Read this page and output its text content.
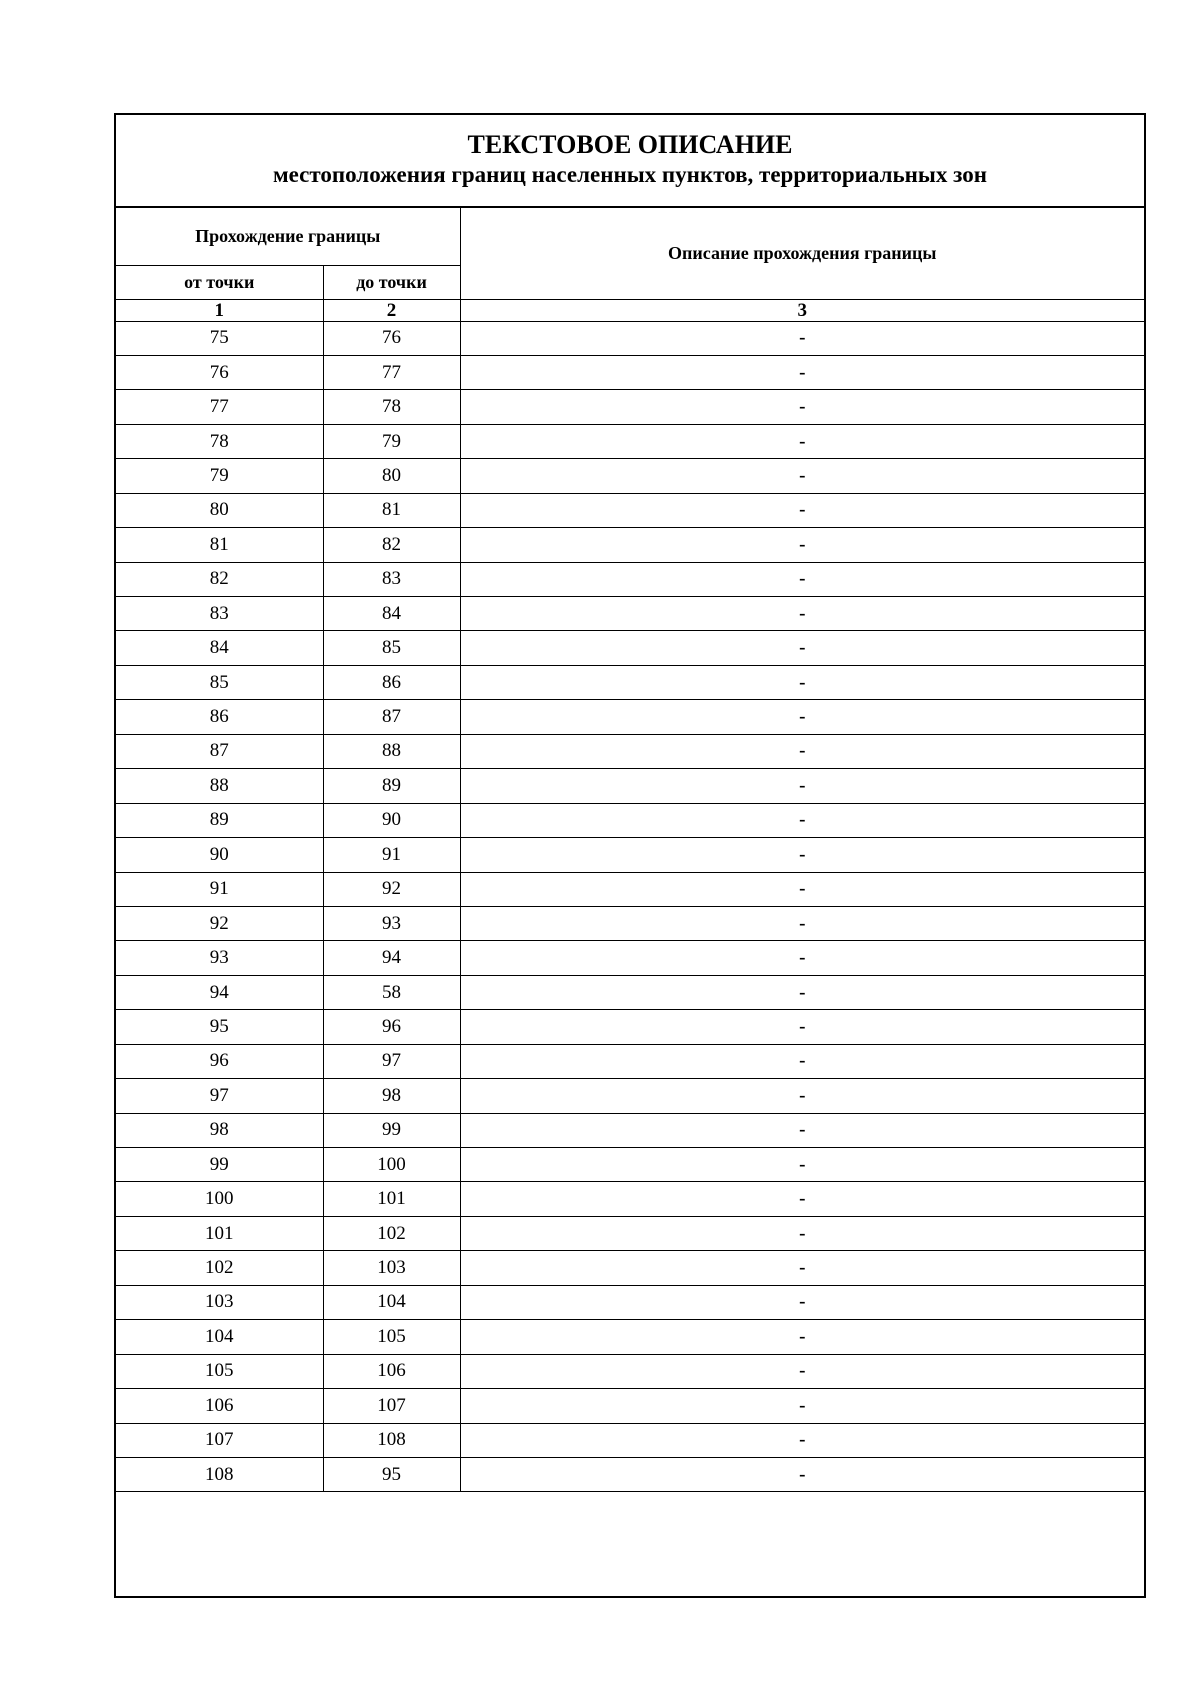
ТЕКСТОВОЕ ОПИСАНИЕ
местоположения границ населенных пунктов, территориальных зон
Прохождение границы		Описание прохождения границы
от точки	до точки	
1	2	3
75	76	-
76	77	-
77	78	-
78	79	-
79	80	-
80	81	-
81	82	-
82	83	-
83	84	-
84	85	-
85	86	-
86	87	-
87	88	-
88	89	-
89	90	-
90	91	-
91	92	-
92	93	-
93	94	-
94	58	-
95	96	-
96	97	-
97	98	-
98	99	-
99	100	-
100	101	-
101	102	-
102	103	-
103	104	-
104	105	-
105	106	-
106	107	-
107	108	-
108	95	-
